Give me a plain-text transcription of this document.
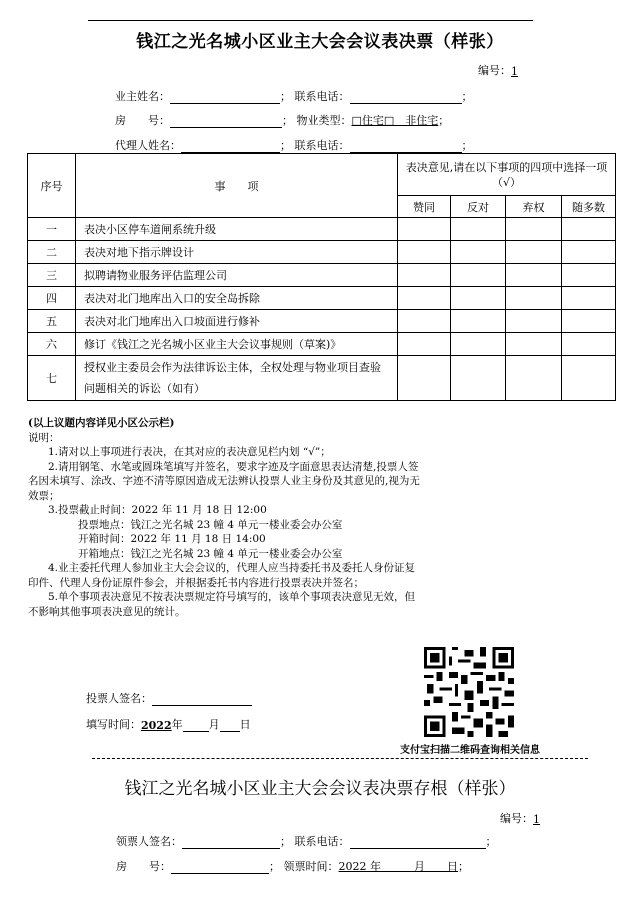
钱江之光名城小区业主大会会议表决票（样张）
编号：1
业主姓名：	； 联系电话：	；
房　　号：	； 物业类型：□住宅□　非住宅；
代理人姓名：	； 联系电话：	；
序号	事　　项	表决意见,请在以下事项的四项中选择一项（√）			
		赞同	反对	弃权	随多数
一	表决小区停车道闸系统升级				
二	表决对地下指示牌设计				
三	拟聘请物业服务评估监理公司				
四	表决对北门地库出入口的安全岛拆除				
五	表决对北门地库出入口坡面进行修补				
六	修订《钱江之光名城小区业主大会议事规则（草案)》				
七	授权业主委员会作为法律诉讼主体，全权处理与物业项目查验问题相关的诉讼（如有）				
(以上议题内容详见小区公示栏)
说明：
1.请对以上事项进行表决，在其对应的表决意见栏内划 “√”；
2.请用钢笔、水笔或圆珠笔填写并签名，要求字迹及字面意思表达清楚,投票人签
名因未填写、涂改、字迹不清等原因造成无法辨认投票人业主身份及其意见的,视为无
效票；
3.投票截止时间：2022 年 11 月 18 日 12:00
投票地点：钱江之光名城 23 幢 4 单元一楼业委会办公室
开箱时间：2022 年 11 月 18 日 14:00
开箱地点：钱江之光名城 23 幢 4 单元一楼业委会办公室
4.业主委托代理人参加业主大会会议的，代理人应当持委托书及委托人身份证复
印件、代理人身份证原件参会，并根据委托书内容进行投票表决并签名；
5.单个事项表决意见不按表决票规定符号填写的，该单个事项表决意见无效，但
不影响其他事项表决意见的统计。
投票人签名：
填写时间：2022年 月 日
支付宝扫描二维码查询相关信息
钱江之光名城小区业主大会会议表决票存根（样张）
编号：1
领票人签名：	； 联系电话：	；
房　　号：	； 领票时间：2022 年　　　月　　日；
